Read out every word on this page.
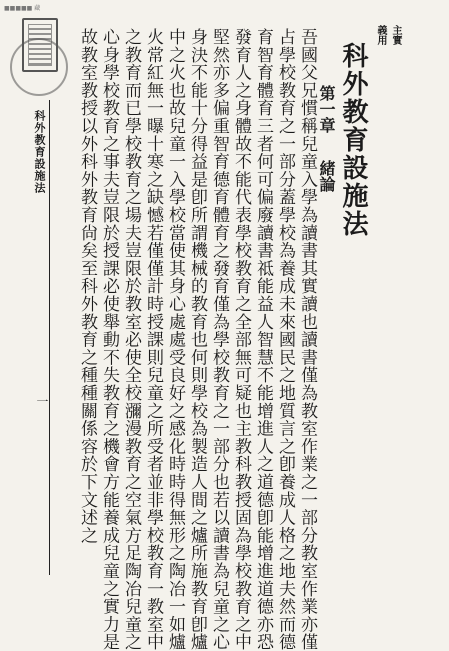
■■■■■ 藏
主實
義用
科外教育設施法
第一章
緒論
吾國父兄慣稱兒童入學為讀書其實讀也讀書僅為教室作業之一部分教室作業亦僅
占學校教育之一部分蓋學校為養成未來國民之地質言之卽養成人格之地夫然而德
育智育體育三者何可偏廢讀書祗能益人智慧不能增進人之道德卽能增進道德亦恐
發育人之身體故不能代表學校教育之全部無可疑也主教科教授固為學校教育之中
堅然亦多偏重智育德育體育之發育僅為學校教育之一部分也若以讀書為兒童之心
身決不能十分得益是卽所謂機械的教育也何則學校為製造人間之爐所施教育卽爐
中之火也故兒童一入學校當使其身心處處受良好之感化時時得無形之陶冶一如爐
火常紅無一曝十寒之缺憾若僅僅計時授課則兒童之所受者並非學校教育一教室中
之教育而已學校教育之場夫豈限於教室必使全校瀰漫教育之空氣方足陶冶兒童之
心身學校教育之事夫豈限於授課必使舉動不失教育之機會方能養成兒童之實力是
故教室教授以外科外教育尙矣至科外教育之種種關係容於下文述之
科外教育設施法
一
